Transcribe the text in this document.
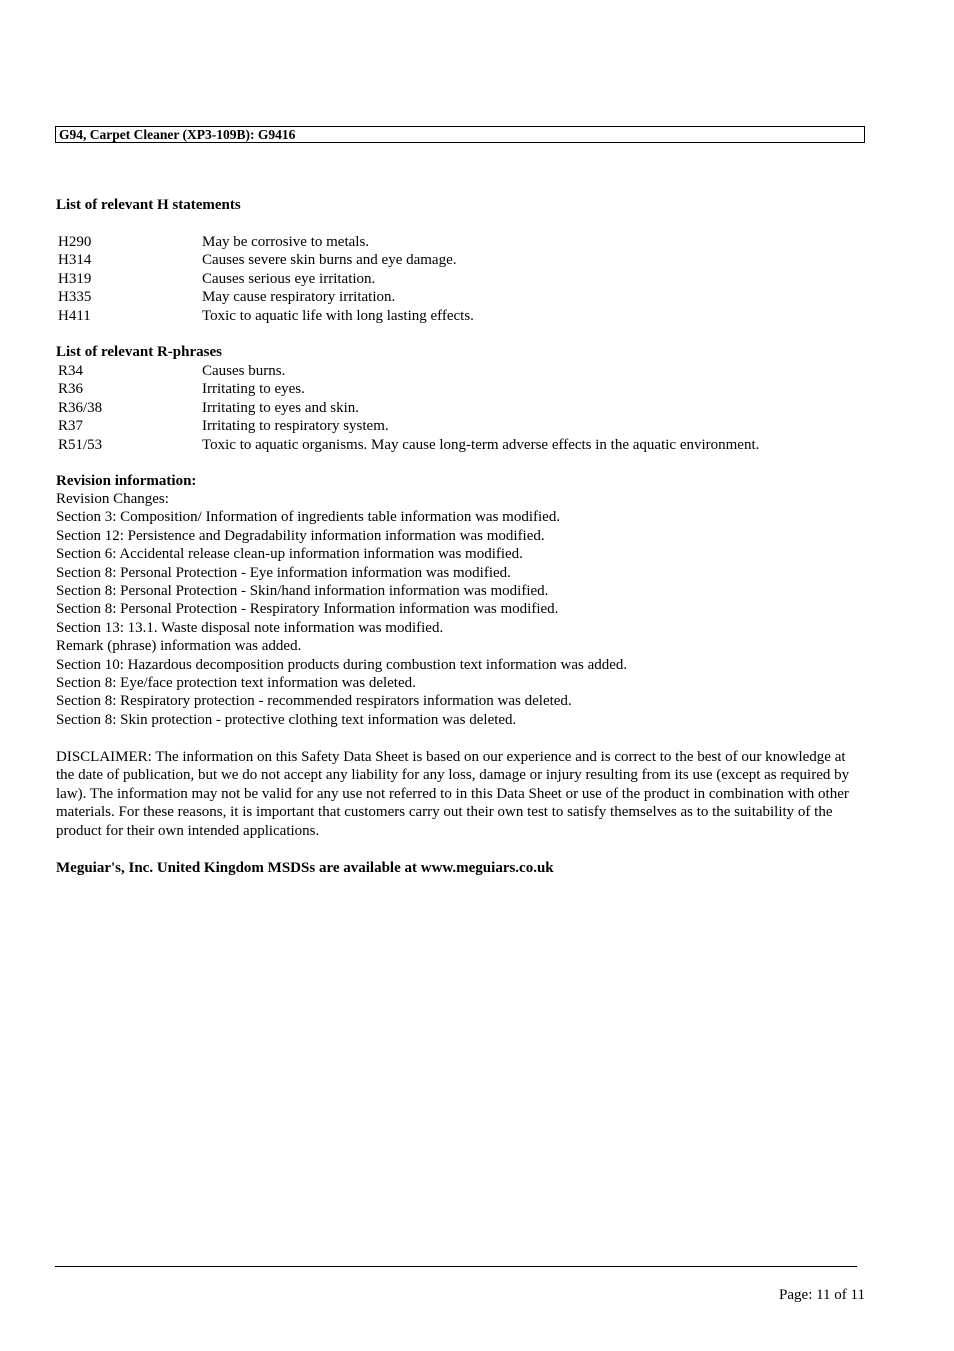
G94, Carpet Cleaner (XP3-109B): G9416
List of relevant H statements
H290	May be corrosive to metals.
H314	Causes severe skin burns and eye damage.
H319	Causes serious eye irritation.
H335	May cause respiratory irritation.
H411	Toxic to aquatic life with long lasting effects.
List of relevant R-phrases
R34	Causes burns.
R36	Irritating to eyes.
R36/38	Irritating to eyes and skin.
R37	Irritating to respiratory system.
R51/53	Toxic to aquatic organisms. May cause long-term adverse effects in the aquatic environment.
Revision information:
Revision Changes:
Section 3: Composition/ Information of ingredients table information was modified.
Section 12: Persistence and Degradability information information was modified.
Section 6: Accidental release clean-up information information was modified.
Section 8: Personal Protection - Eye information information was modified.
Section 8: Personal Protection - Skin/hand information information was modified.
Section 8: Personal Protection - Respiratory Information information was modified.
Section 13: 13.1. Waste disposal note information was modified.
Remark (phrase) information was added.
Section 10: Hazardous decomposition products during combustion text information was added.
Section 8: Eye/face protection text information was deleted.
Section 8: Respiratory protection - recommended respirators information was deleted.
Section 8: Skin protection - protective clothing text information was deleted.
DISCLAIMER: The information on this Safety Data Sheet is based on our experience and is correct to the best of our knowledge at the date of publication, but we do not accept any liability for any loss, damage or injury resulting from its use (except as required by law). The information may not be valid for any use not referred to in this Data Sheet or use of the product in combination with other materials. For these reasons, it is important that customers carry out their own test to satisfy themselves as to the suitability of the product for their own intended applications.
Meguiar's, Inc. United Kingdom MSDSs are available at www.meguiars.co.uk
Page: 11 of 11
